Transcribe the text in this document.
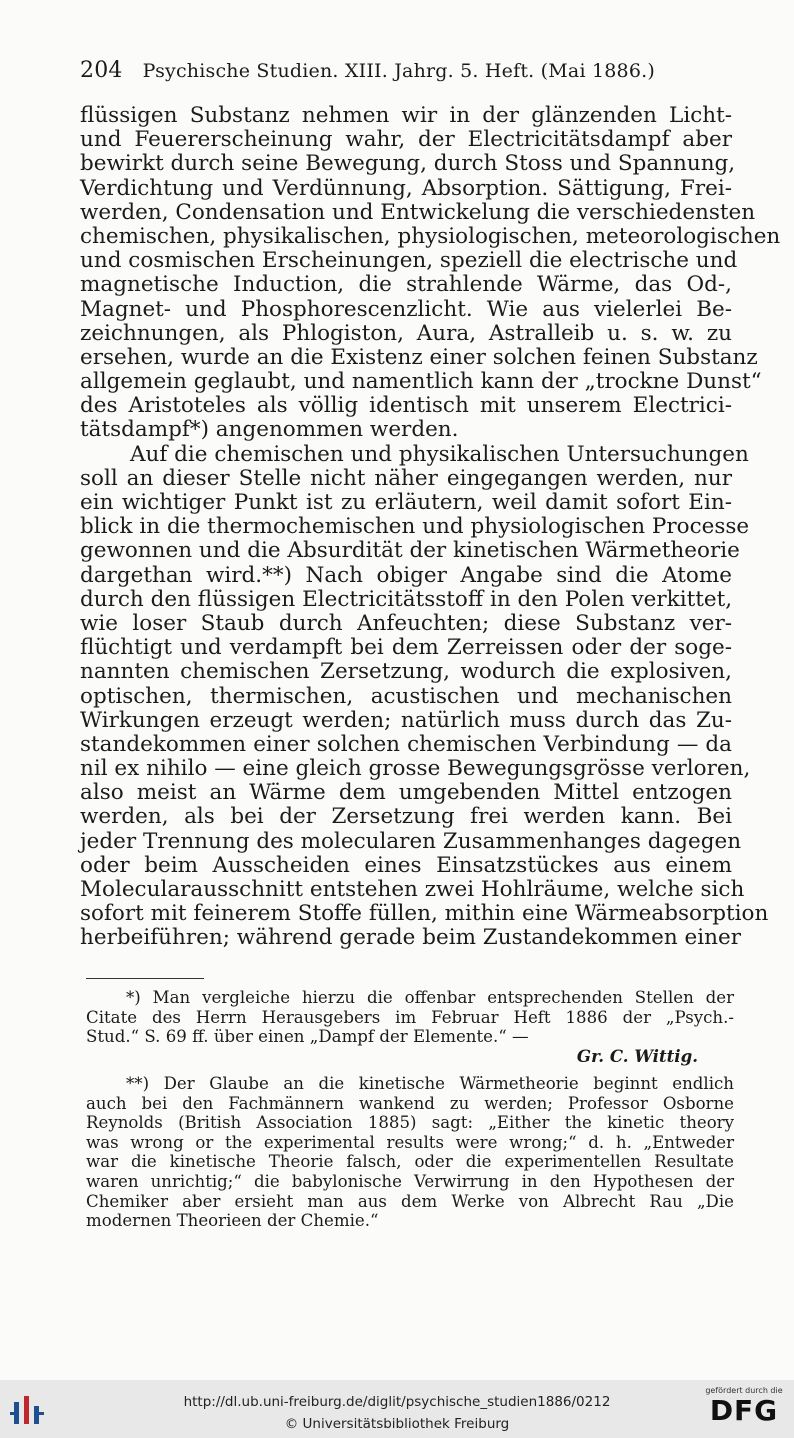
204 Psychische Studien. XIII. Jahrg. 5. Heft. (Mai 1886.)
flüssigen Substanz nehmen wir in der glänzenden Licht-
und Feuererscheinung wahr, der Electricitätsdampf aber
bewirkt durch seine Bewegung, durch Stoss und Spannung,
Verdichtung und Verdünnung, Absorption. Sättigung, Frei-
werden, Condensation und Entwickelung die verschiedensten
chemischen, physikalischen, physiologischen, meteorologischen
und cosmischen Erscheinungen, speziell die electrische und
magnetische Induction, die strahlende Wärme, das Od-,
Magnet- und Phosphorescenzlicht. Wie aus vielerlei Be-
zeichnungen, als Phlogiston, Aura, Astralleib u. s. w. zu
ersehen, wurde an die Existenz einer solchen feinen Substanz
allgemein geglaubt, und namentlich kann der „trockne Dunst“
des Aristoteles als völlig identisch mit unserem Electrici-
tätsdampf*) angenommen werden.
Auf die chemischen und physikalischen Untersuchungen
soll an dieser Stelle nicht näher eingegangen werden, nur
ein wichtiger Punkt ist zu erläutern, weil damit sofort Ein-
blick in die thermochemischen und physiologischen Processe
gewonnen und die Absurdität der kinetischen Wärmetheorie
dargethan wird.**) Nach obiger Angabe sind die Atome
durch den flüssigen Electricitätsstoff in den Polen verkittet,
wie loser Staub durch Anfeuchten; diese Substanz ver-
flüchtigt und verdampft bei dem Zerreissen oder der soge-
nannten chemischen Zersetzung, wodurch die explosiven,
optischen, thermischen, acustischen und mechanischen
Wirkungen erzeugt werden; natürlich muss durch das Zu-
standekommen einer solchen chemischen Verbindung — da
nil ex nihilo — eine gleich grosse Bewegungsgrösse verloren,
also meist an Wärme dem umgebenden Mittel entzogen
werden, als bei der Zersetzung frei werden kann. Bei
jeder Trennung des molecularen Zusammenhanges dagegen
oder beim Ausscheiden eines Einsatzstückes aus einem
Molecularausschnitt entstehen zwei Hohlräume, welche sich
sofort mit feinerem Stoffe füllen, mithin eine Wärmeabsorption
herbeiführen; während gerade beim Zustandekommen einer
*) Man vergleiche hierzu die offenbar entsprechenden Stellen der
Citate des Herrn Herausgebers im Februar Heft 1886 der „Psych.-
Stud.“ S. 69 ff. über einen „Dampf der Elemente.“ —
Gr. C. Wittig.
**) Der Glaube an die kinetische Wärmetheorie beginnt endlich
auch bei den Fachmännern wankend zu werden; Professor Osborne
Reynolds (British Association 1885) sagt: „Either the kinetic theory
was wrong or the experimental results were wrong;“ d. h. „Entweder
war die kinetische Theorie falsch, oder die experimentellen Resultate
waren unrichtig;“ die babylonische Verwirrung in den Hypothesen der
Chemiker aber ersieht man aus dem Werke von Albrecht Rau „Die
modernen Theorieen der Chemie.“
http://dl.ub.uni-freiburg.de/diglit/psychische_studien1886/0212
© Universitätsbibliothek Freiburg
gefördert durch die
DFG
